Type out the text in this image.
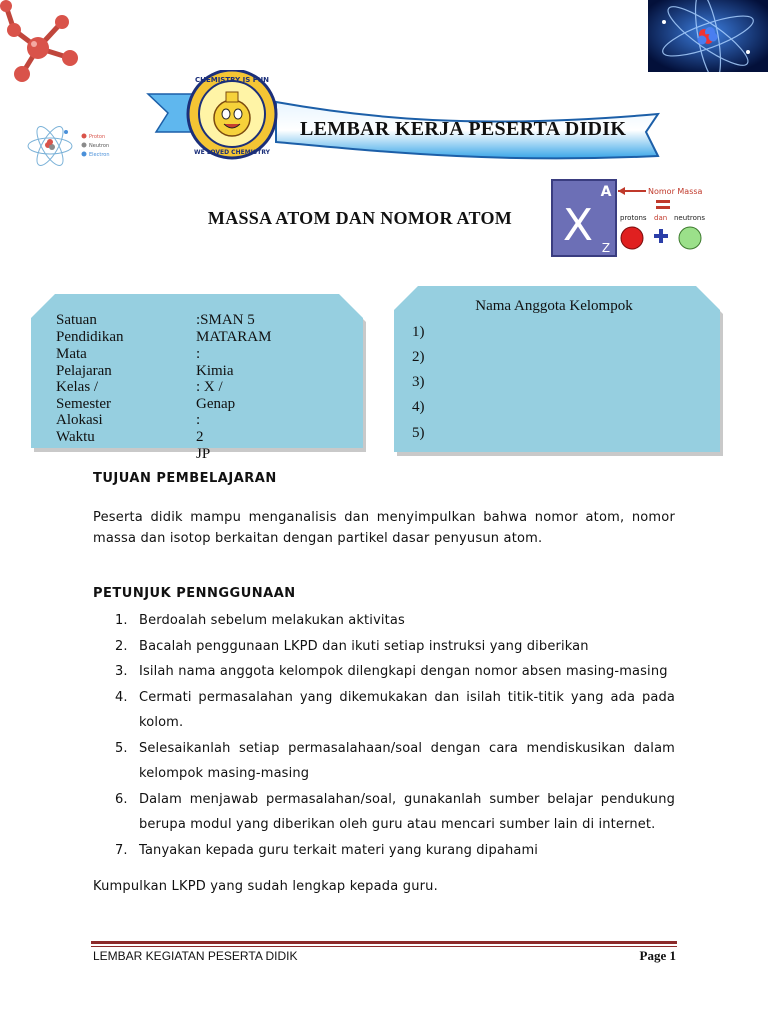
CHEMISTRY IS FUN
WE LOVED CHEMISTRY
LEMBAR KERJA PESERTA DIDIK
Proton
Neutron
Electron
X
A
Z
Nomor Massa
protons dan neutrons
MASSA ATOM DAN NOMOR ATOM
Satuan Pendidikan
:SMAN 5 MATARAM
Mata Pelajaran
: Kimia
Kelas / Semester
: X / Genap
Alokasi Waktu
: 2 JP
Nama Anggota Kelompok
1)
2)
3)
4)
5)
TUJUAN PEMBELAJARAN
Peserta didik mampu menganalisis dan menyimpulkan bahwa nomor atom, nomor massa dan isotop berkaitan dengan partikel dasar penyusun atom.
PETUNJUK PENNGGUNAAN
1. Berdoalah sebelum melakukan aktivitas
2. Bacalah penggunaan LKPD dan ikuti setiap instruksi yang diberikan
3. Isilah nama anggota kelompok dilengkapi dengan nomor absen masing-masing
4. Cermati permasalahan yang dikemukakan dan isilah titik-titik yang ada pada kolom.
5. Selesaikanlah setiap permasalahaan/soal dengan cara mendiskusikan dalam kelompok masing-masing
6. Dalam menjawab permasalahan/soal, gunakanlah sumber belajar pendukung berupa modul yang diberikan oleh guru atau mencari sumber lain di internet.
7. Tanyakan kepada guru terkait materi yang kurang dipahami
Kumpulkan LKPD yang sudah lengkap kepada guru.
LEMBAR KEGIATAN PESERTA DIDIK	Page 1
